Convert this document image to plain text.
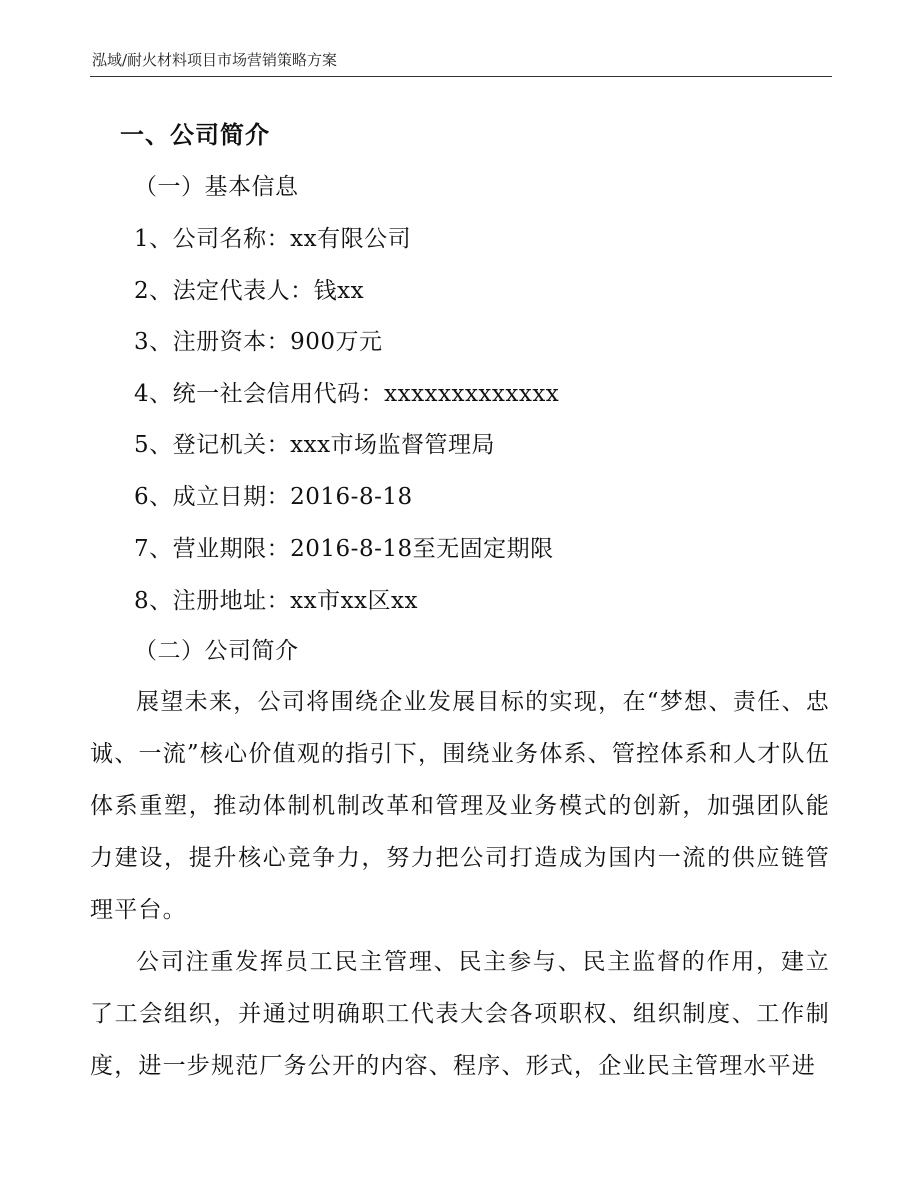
泓域/耐火材料项目市场营销策略方案
一、公司简介
（一）基本信息
1、公司名称：xx有限公司
2、法定代表人：钱xx
3、注册资本：900万元
4、统一社会信用代码：xxxxxxxxxxxxx
5、登记机关：xxx市场监督管理局
6、成立日期：2016-8-18
7、营业期限：2016-8-18至无固定期限
8、注册地址：xx市xx区xx
（二）公司简介

展望未来，公司将围绕企业发展目标的实现，在“梦想、责任、忠诚、一流”核心价值观的指引下，围绕业务体系、管控体系和人才队伍体系重塑，推动体制机制改革和管理及业务模式的创新，加强团队能力建设，提升核心竞争力，努力把公司打造成为国内一流的供应链管理平台。

公司注重发挥员工民主管理、民主参与、民主监督的作用，建立了工会组织，并通过明确职工代表大会各项职权、组织制度、工作制度，进一步规范厂务公开的内容、程序、形式，企业民主管理水平进
